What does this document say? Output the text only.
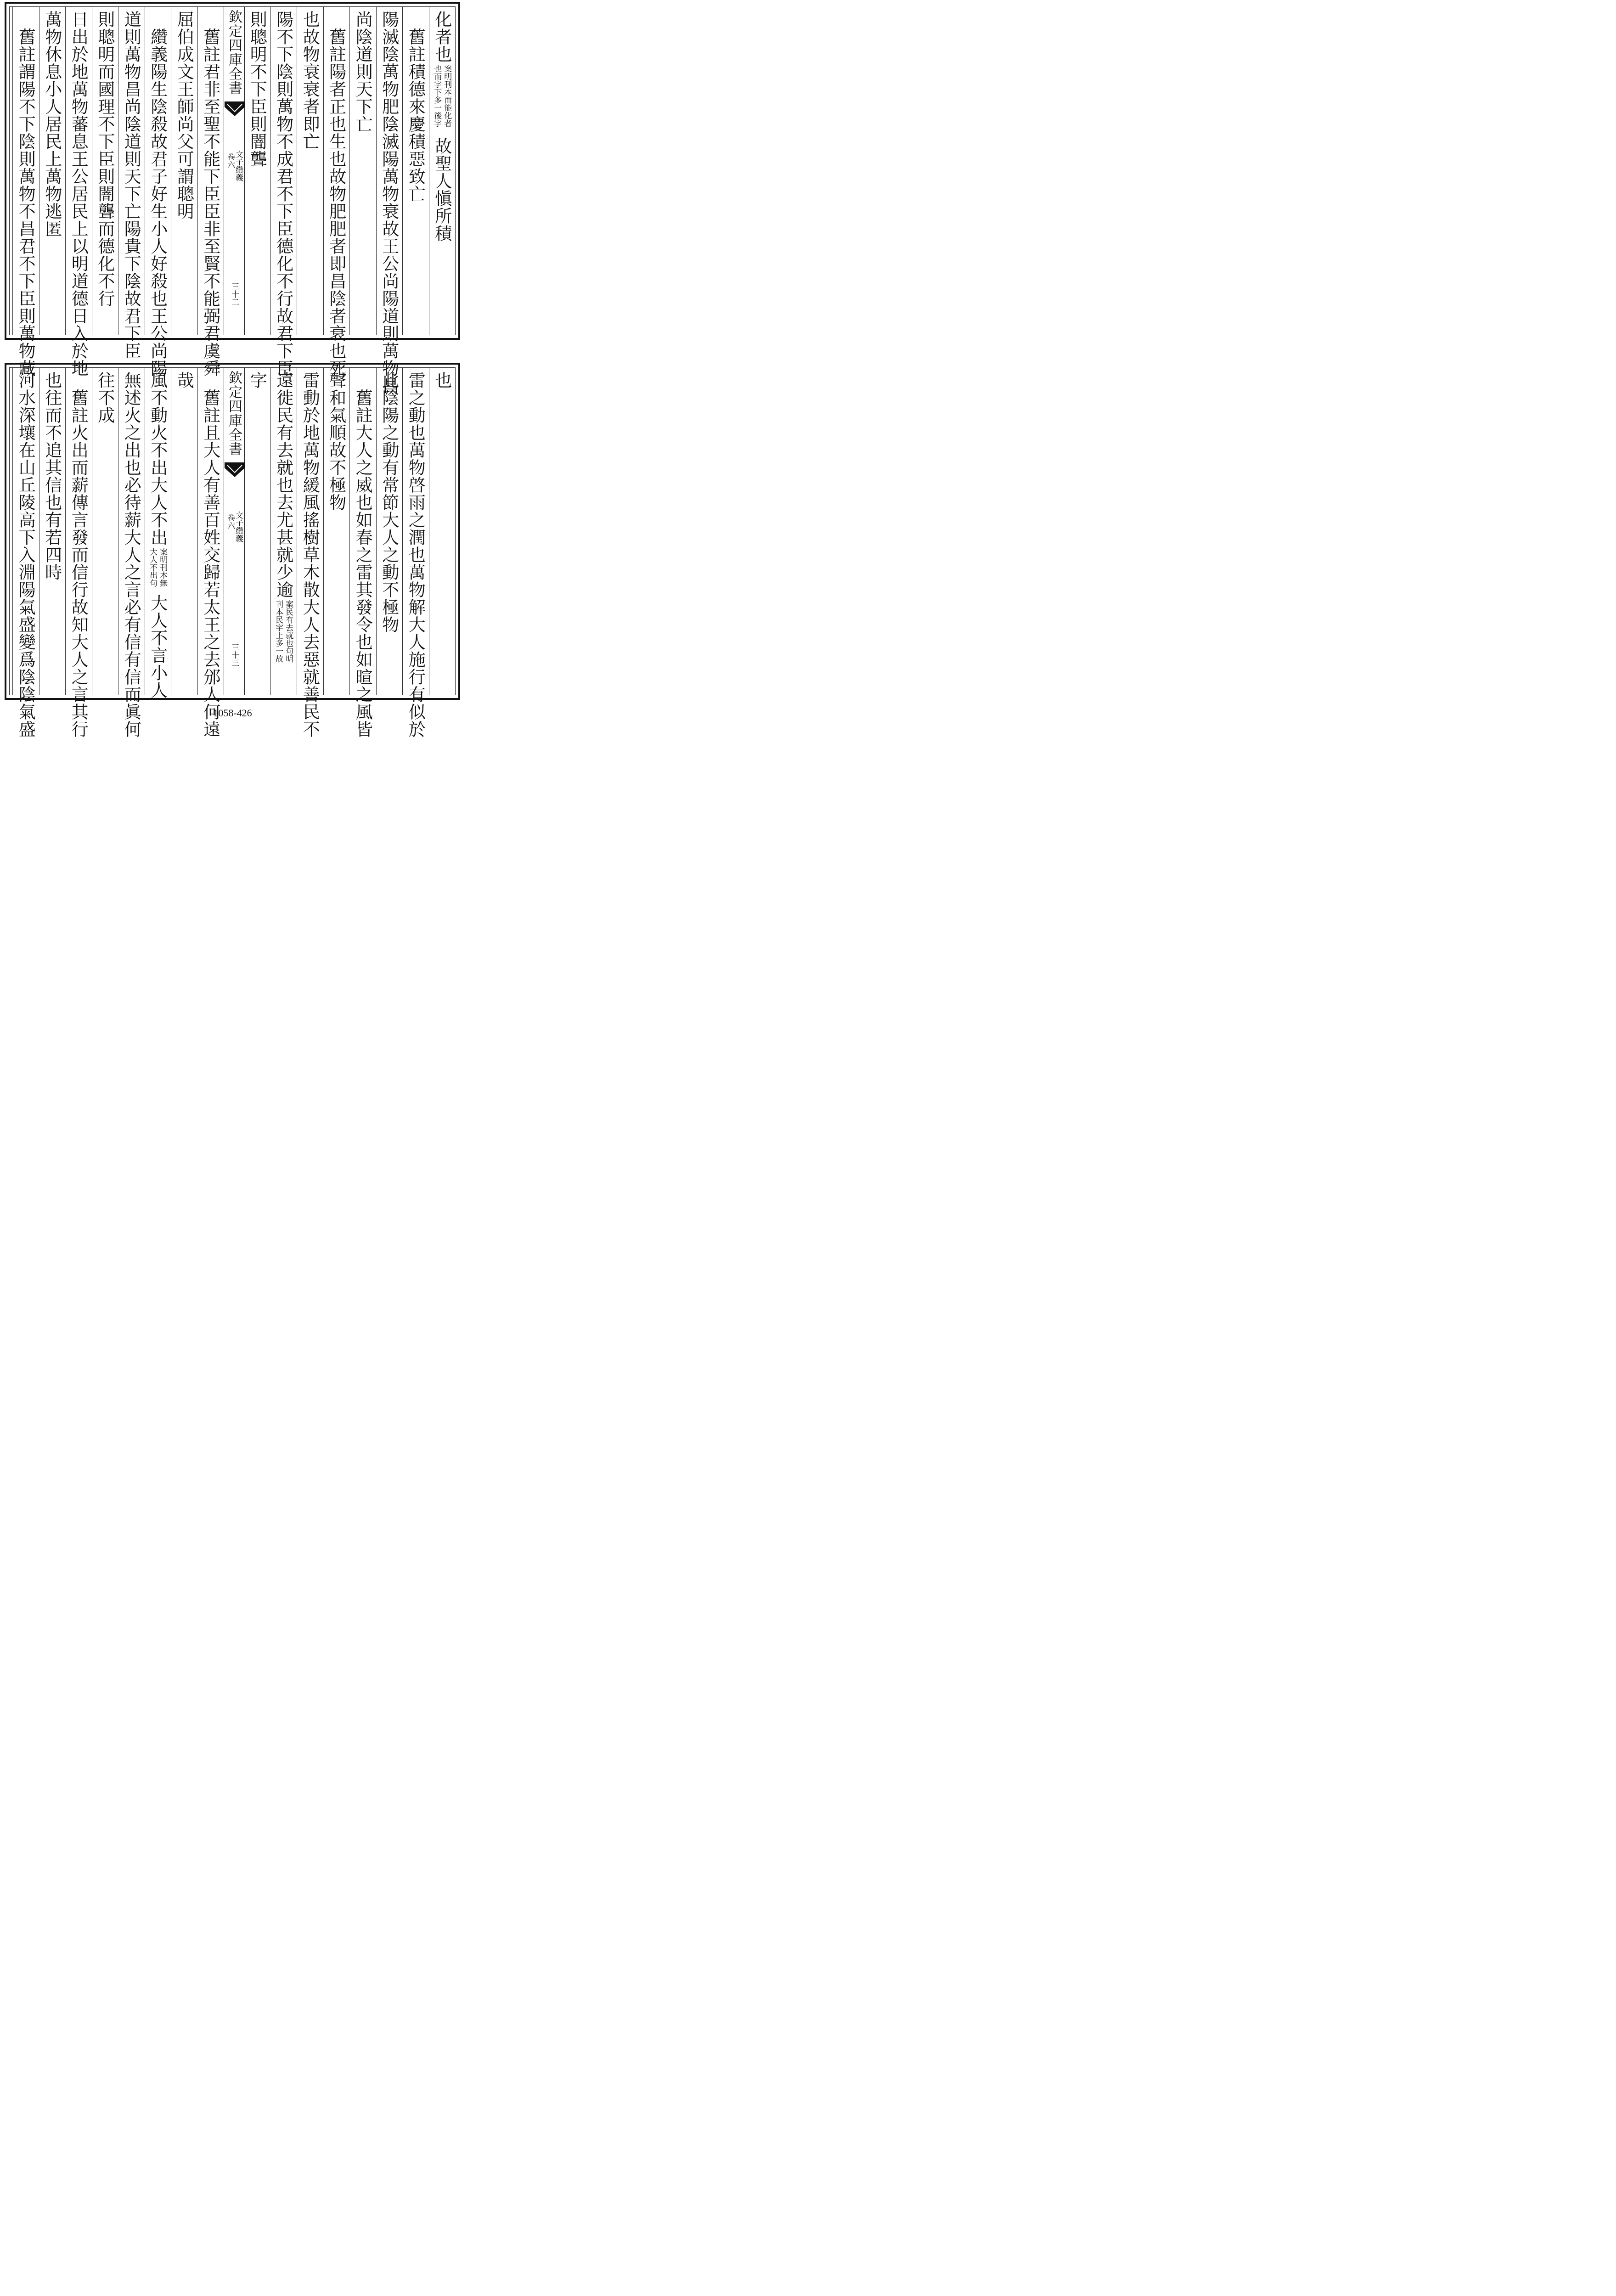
欽定四庫全書
文子纘義
卷六
三十二
化者也
案明刊本而能化者
也而字下多一後字
故聖人愼所積
　舊註積德來慶積惡致亡
陽滅陰萬物肥陰滅陽萬物衰故王公尚陽道則萬物昌
尚陰道則天下亡
　舊註陽者正也生也故物肥肥者即昌陰者衰也死
也故物衰衰者即亡
陽不下陰則萬物不成君不下臣德化不行故君下臣
則聰明不下臣則闇聾
　舊註君非至聖不能下臣臣非至賢不能弼君虞舜
屈伯成文王師尚父可謂聰明
　纘義陽生陰殺故君子好生小人好殺也王公尚陽
道則萬物昌尚陰道則天下亡陽貴下陰故君下臣
則聰明而國理不下臣則闇聾而德化不行
日出於地萬物蕃息王公居民上以明道德日入於地
萬物休息小人居民上萬物逃匿
　舊註謂陽不下陰則萬物不昌君不下臣則萬物藏
欽定四庫全書
文子纘義
卷六
三十三
也
雷之動也萬物啓雨之潤也萬物解大人施行有似於
此陰陽之動有常節大人之動不極物
　舊註大人之威也如春之雷其發令也如暄之風皆
聲和氣順故不極物
雷動於地萬物緩風搖樹草木散大人去惡就善民不
遠徙民有去就也去尤甚就少逾
案民有去就也句明
刊本民字上多一故
字
　舊註且大人有善百姓交歸若太王之去邠人何遠
哉
風不動火不出大人不出
案明刊本無
大人不出句
大人不言小人
無述火之出也必待薪大人之言必有信有信而眞何
往不成
　舊註火出而薪傳言發而信行故知大人之言其行
也往而不追其信也有若四時
河水深壤在山丘陵高下入淵陽氣盛變爲陰陰氣盛	1058-426
